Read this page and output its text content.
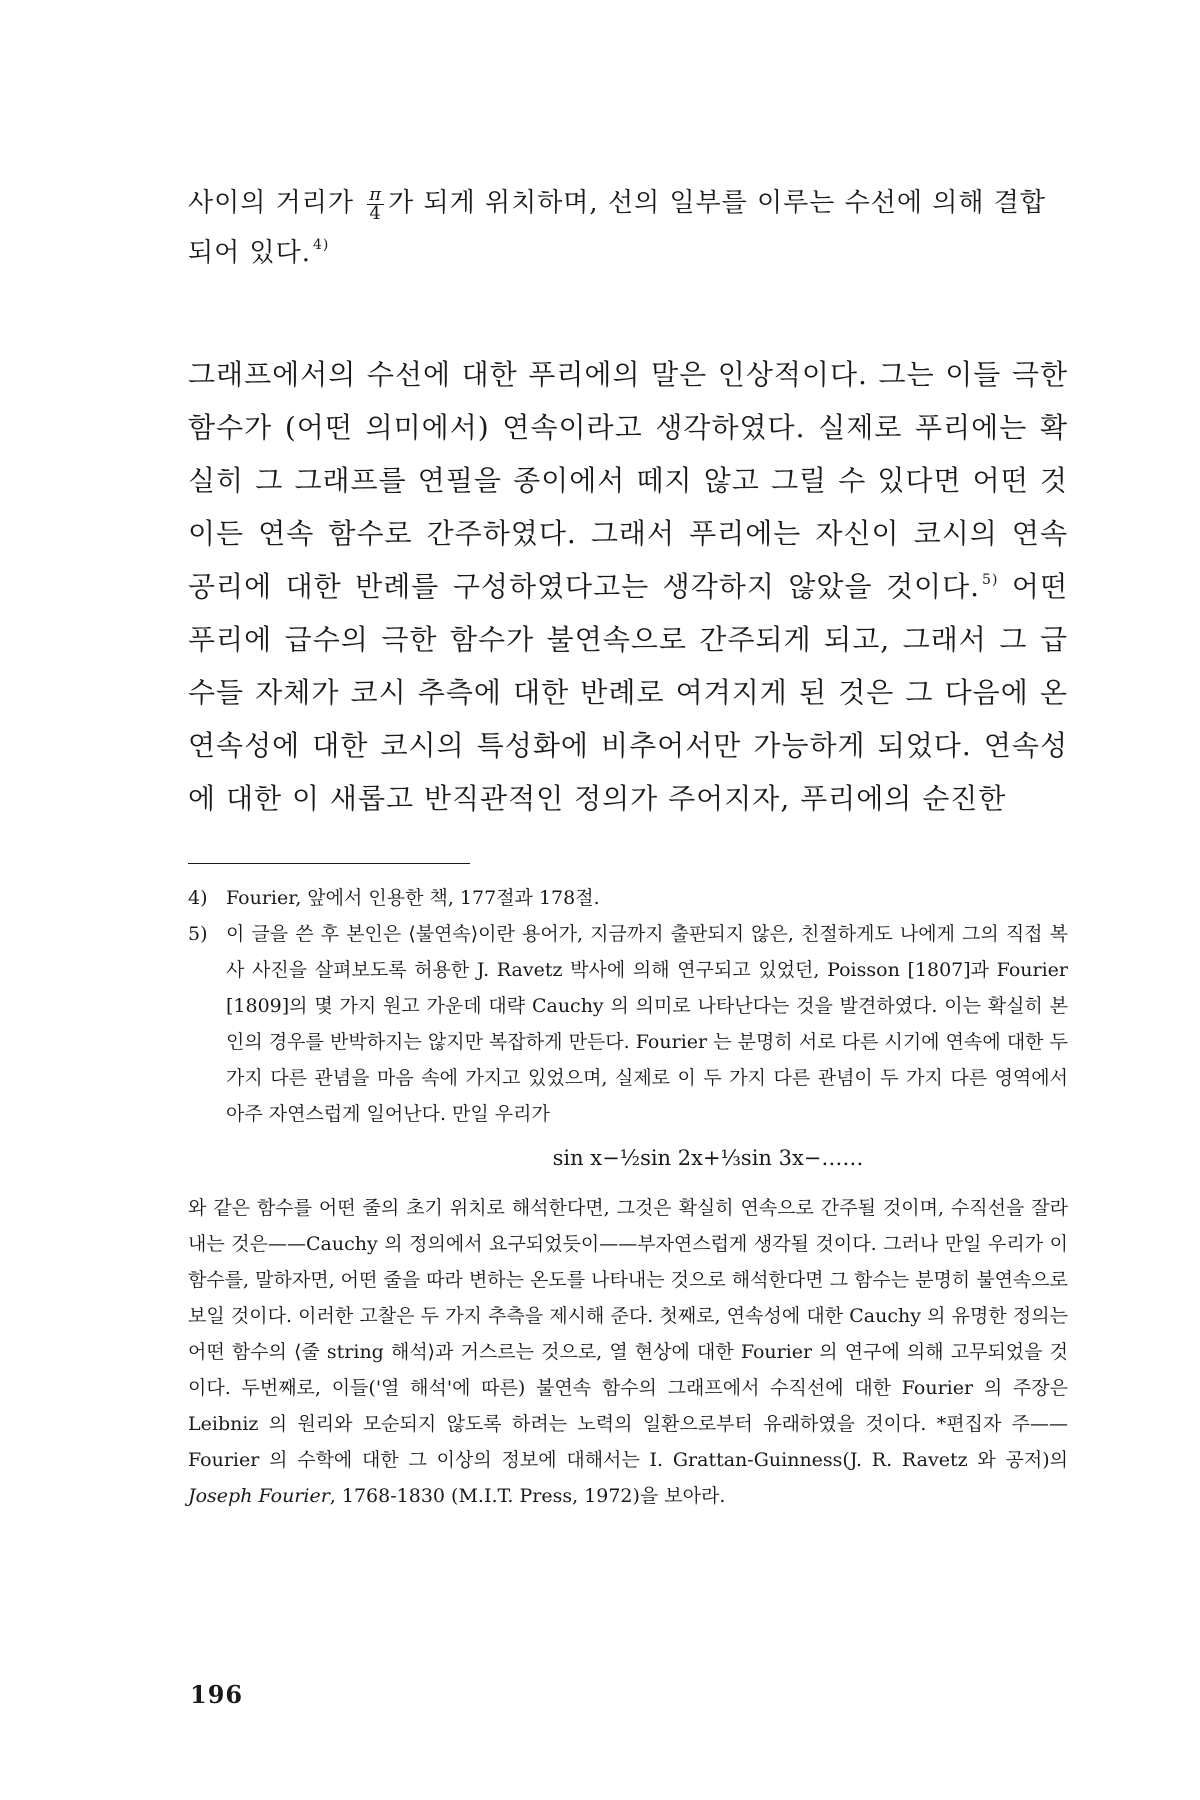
사이의 거리가 $\frac{\pi}{4}$ 가 되게 위치하며, 선의 일부를 이루는 수선에 의해 결합되어 있다. $^{4)}$

그래프에서의 수선에 대한 푸리에의 말은 인상적이다. 그는 이들 극한 함수가 (어떤 의미에서) 연속이라고 생각하였다. 실제로 푸리에는 확실히 그 그래프를 연필을 종이에서 떼지 않고 그릴 수 있다면 어떤 것이든 연속 함수로 간주하였다. 그래서 푸리에는 자신이 코시의 연속 공리에 대한 반례를 구성하였다고는 생각하지 않았을 것이다. $^{5)}$ 어떤 푸리에 급수의 극한 함수가 불연속으로 간주되게 되고, 그래서 그 급수들 자체가 코시 추측에 대한 반례로 여겨지게 된 것은 그 다음에 온 연속성에 대한 코시의 특성화에 비추어서만 가능하게 되었다. 연속성에 대한 이 새롭고 반직관적인 정의가 주어지자, 푸리에의 순진한

4) Fourier, 앞에서 인용한 책, 177절과 178절.
5) 이 글을 쓴 후 본인은 ⟨불연속⟩이란 용어가, 지금까지 출판되지 않은, 친절하게도 나에게 그의 직접 복사 사진을 살펴보도록 허용한 J. Ravetz 박사에 의해 연구되고 있었던, Poisson [1807]과 Fourier [1809]의 몇 가지 원고 가운데 대략 Cauchy 의 의미로 나타난다는 것을 발견하였다. 이는 확실히 본인의 경우를 반박하지는 않지만 복잡하게 만든다. Fourier 는 분명히 서로 다른 시기에 연속에 대한 두 가지 다른 관념을 마음 속에 가지고 있었으며, 실제로 이 두 가지 다른 관념이 두 가지 다른 영역에서 아주 자연스럽게 일어난다. 만일 우리가
sin x−½sin 2x+⅓sin 3x−……

와 같은 함수를 어떤 줄의 초기 위치로 해석한다면, 그것은 확실히 연속으로 간주될 것이며, 수직선을 잘라내는 것은——Cauchy 의 정의에서 요구되었듯이——부자연스럽게 생각될 것이다. 그러나 만일 우리가 이 함수를, 말하자면, 어떤 줄을 따라 변하는 온도를 나타내는 것으로 해석한다면 그 함수는 분명히 불연속으로 보일 것이다. 이러한 고찰은 두 가지 추측을 제시해 준다. 첫째로, 연속성에 대한 Cauchy 의 유명한 정의는 어떤 함수의 ⟨줄 string 해석⟩과 거스르는 것으로, 열 현상에 대한 Fourier 의 연구에 의해 고무되었을 것이다. 두번째로, 이들('열 해석'에 따른) 불연속 함수의 그래프에서 수직선에 대한 Fourier 의 주장은 Leibniz 의 원리와 모순되지 않도록 하려는 노력의 일환으로부터 유래하였을 것이다. *편집자 주——Fourier 의 수학에 대한 그 이상의 정보에 대해서는 I. Grattan-Guinness(J. R. Ravetz 와 공저)의 Joseph Fourier, 1768-1830 (M.I.T. Press, 1972)을 보아라.

196
